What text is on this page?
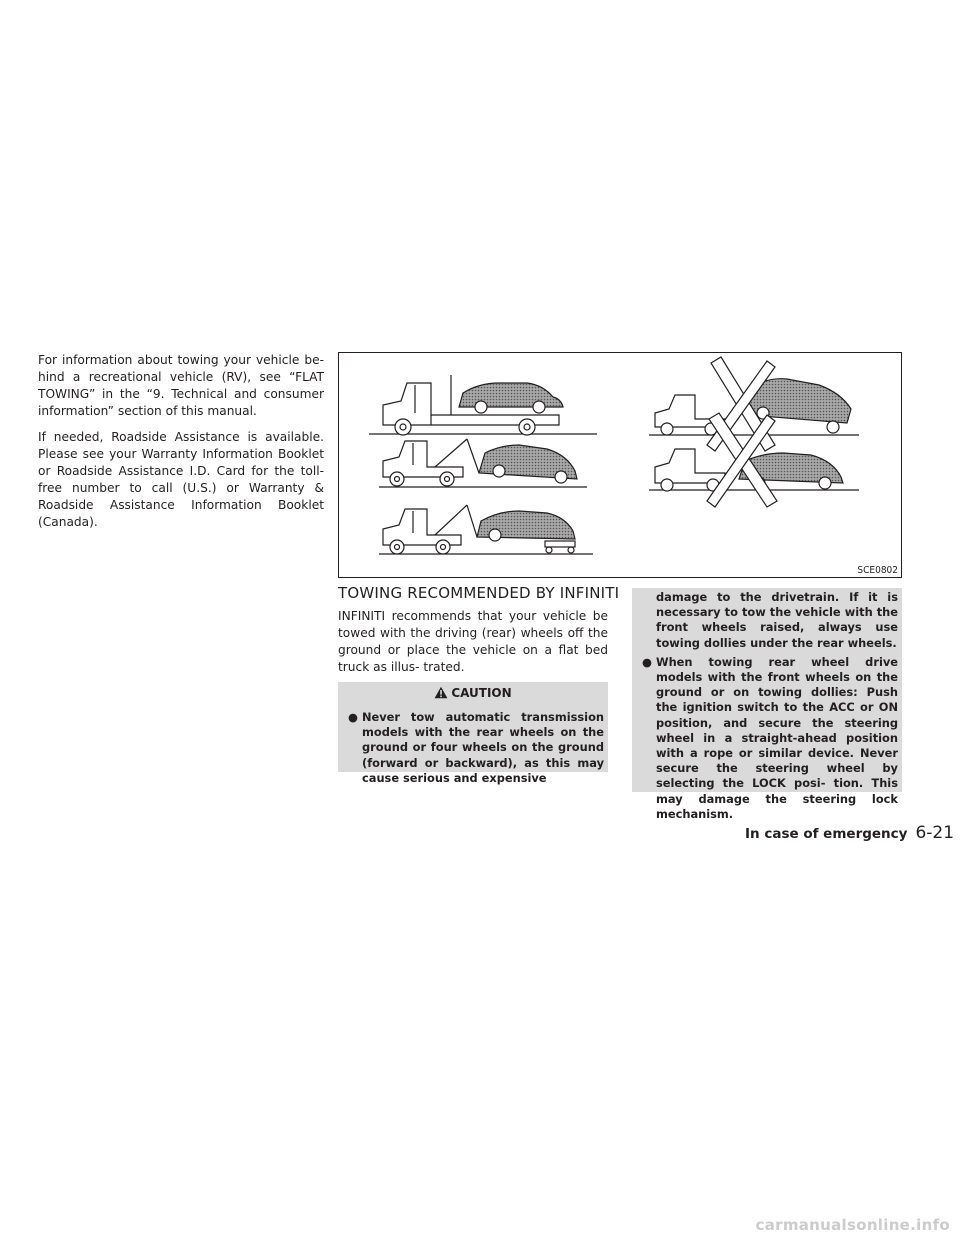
For information about towing your vehicle be- hind a recreational vehicle (RV), see “FLAT TOWING” in the “9. Technical and consumer information” section of this manual.

If needed, Roadside Assistance is available. Please see your Warranty Information Booklet or Roadside Assistance I.D. Card for the toll-free number to call (U.S.) or Warranty & Roadside Assistance Information Booklet (Canada).

SCE0802
TOWING RECOMMENDED BY INFINITI

INFINITI recommends that your vehicle be towed with the driving (rear) wheels off the ground or place the vehicle on a flat bed truck as illus- trated.

CAUTION
● Never tow automatic transmission models with the rear wheels on the ground or four wheels on the ground (forward or backward), as this may cause serious and expensive
damage to the drivetrain. If it is necessary to tow the vehicle with the front wheels raised, always use towing dollies under the rear wheels.
● When towing rear wheel drive models with the front wheels on the ground or on towing dollies: Push the ignition switch to the ACC or ON position, and secure the steering wheel in a straight-ahead position with a rope or similar device. Never secure the steering wheel by selecting the LOCK posi- tion. This may damage the steering lock mechanism.
In case of emergency 6-21
carmanualsonline.info
